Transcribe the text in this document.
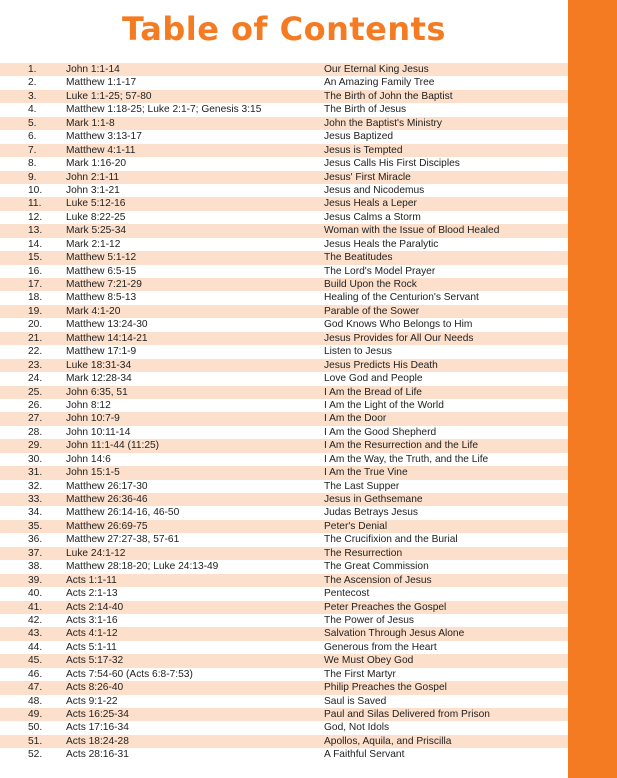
Table of Contents
1.	John 1:1-14	Our Eternal King Jesus
2.	Matthew 1:1-17	An Amazing Family Tree
3.	Luke 1:1-25; 57-80	The Birth of John the Baptist
4.	Matthew 1:18-25; Luke 2:1-7; Genesis 3:15	The Birth of Jesus
5.	Mark 1:1-8	John the Baptist's Ministry
6.	Matthew 3:13-17	Jesus Baptized
7.	Matthew 4:1-11	Jesus is Tempted
8.	Mark 1:16-20	Jesus Calls His First Disciples
9.	John 2:1-11	Jesus' First Miracle
10. John 3:1-21	Jesus and Nicodemus
11. Luke 5:12-16	Jesus Heals a Leper
12. Luke 8:22-25	Jesus Calms a Storm
13. Mark 5:25-34	Woman with the Issue of Blood Healed
14. Mark 2:1-12	Jesus Heals the Paralytic
15. Matthew 5:1-12	The Beatitudes
16. Matthew 6:5-15	The Lord's Model Prayer
17. Matthew 7:21-29	Build Upon the Rock
18. Matthew 8:5-13	Healing of the Centurion's Servant
19. Mark 4:1-20	Parable of the Sower
20. Matthew 13:24-30	God Knows Who Belongs to Him
21. Matthew 14:14-21	Jesus Provides for All Our Needs
22. Matthew 17:1-9	Listen to Jesus
23. Luke 18:31-34	Jesus Predicts His Death
24. Mark 12:28-34	Love God and People
25. John 6:35, 51	I Am the Bread of Life
26. John 8:12	I Am the Light of the World
27. John 10:7-9	I Am the Door
28. John 10:11-14	I Am the Good Shepherd
29. John 11:1-44 (11:25)	I Am the Resurrection and the Life
30. John 14:6	I Am the Way, the Truth, and the Life
31. John 15:1-5	I Am the True Vine
32. Matthew 26:17-30	The Last Supper
33. Matthew 26:36-46	Jesus in Gethsemane
34. Matthew 26:14-16, 46-50	Judas Betrays Jesus
35. Matthew 26:69-75	Peter's Denial
36. Matthew 27:27-38, 57-61	The Crucifixion and the Burial
37. Luke 24:1-12	The Resurrection
38. Matthew 28:18-20; Luke 24:13-49	The Great Commission
39. Acts 1:1-11	The Ascension of Jesus
40. Acts 2:1-13	Pentecost
41. Acts 2:14-40	Peter Preaches the Gospel
42. Acts 3:1-16	The Power of Jesus
43. Acts 4:1-12	Salvation Through Jesus Alone
44. Acts 5:1-11	Generous from the Heart
45. Acts 5:17-32	We Must Obey God
46. Acts 7:54-60 (Acts 6:8-7:53)	The First Martyr
47. Acts 8:26-40	Philip Preaches the Gospel
48. Acts 9:1-22	Saul is Saved
49. Acts 16:25-34	Paul and Silas Delivered from Prison
50. Acts 17:16-34	God, Not Idols
51. Acts 18:24-28	Apollos, Aquila, and Priscilla
52. Acts 28:16-31	A Faithful Servant
